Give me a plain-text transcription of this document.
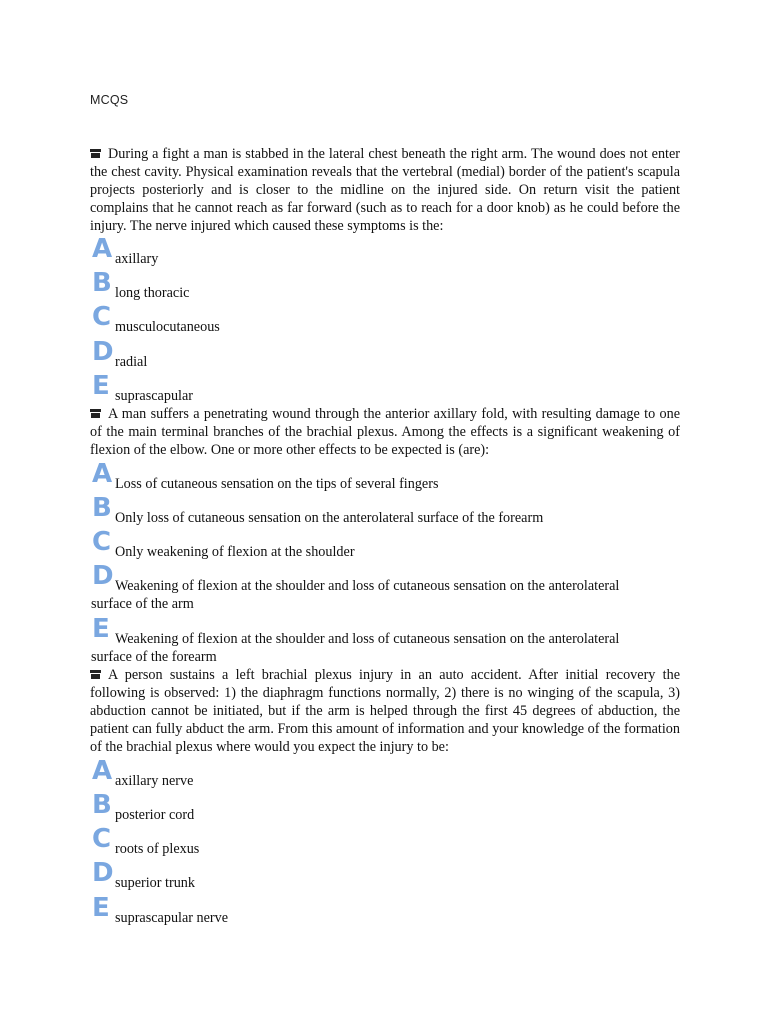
MCQS
During a fight a man is stabbed in the lateral chest beneath the right arm. The wound does not enter the chest cavity. Physical examination reveals that the vertebral (medial) border of the patient's scapula projects posteriorly and is closer to the midline on the injured side. On return visit the patient complains that he cannot reach as far forward (such as to reach for a door knob) as he could before the injury. The nerve injured which caused these symptoms is the:
A axillary
B long thoracic
C musculocutaneous
D radial
E suprascapular
A man suffers a penetrating wound through the anterior axillary fold, with resulting damage to one of the main terminal branches of the brachial plexus. Among the effects is a significant weakening of flexion of the elbow. One or more other effects to be expected is (are):
A Loss of cutaneous sensation on the tips of several fingers
B Only loss of cutaneous sensation on the anterolateral surface of the forearm
C Only weakening of flexion at the shoulder
D Weakening of flexion at the shoulder and loss of cutaneous sensation on the anterolateral surface of the arm
E Weakening of flexion at the shoulder and loss of cutaneous sensation on the anterolateral surface of the forearm
A person sustains a left brachial plexus injury in an auto accident. After initial recovery the following is observed: 1) the diaphragm functions normally, 2) there is no winging of the scapula, 3) abduction cannot be initiated, but if the arm is helped through the first 45 degrees of abduction, the patient can fully abduct the arm. From this amount of information and your knowledge of the formation of the brachial plexus where would you expect the injury to be:
A axillary nerve
B posterior cord
C roots of plexus
D superior trunk
E suprascapular nerve
